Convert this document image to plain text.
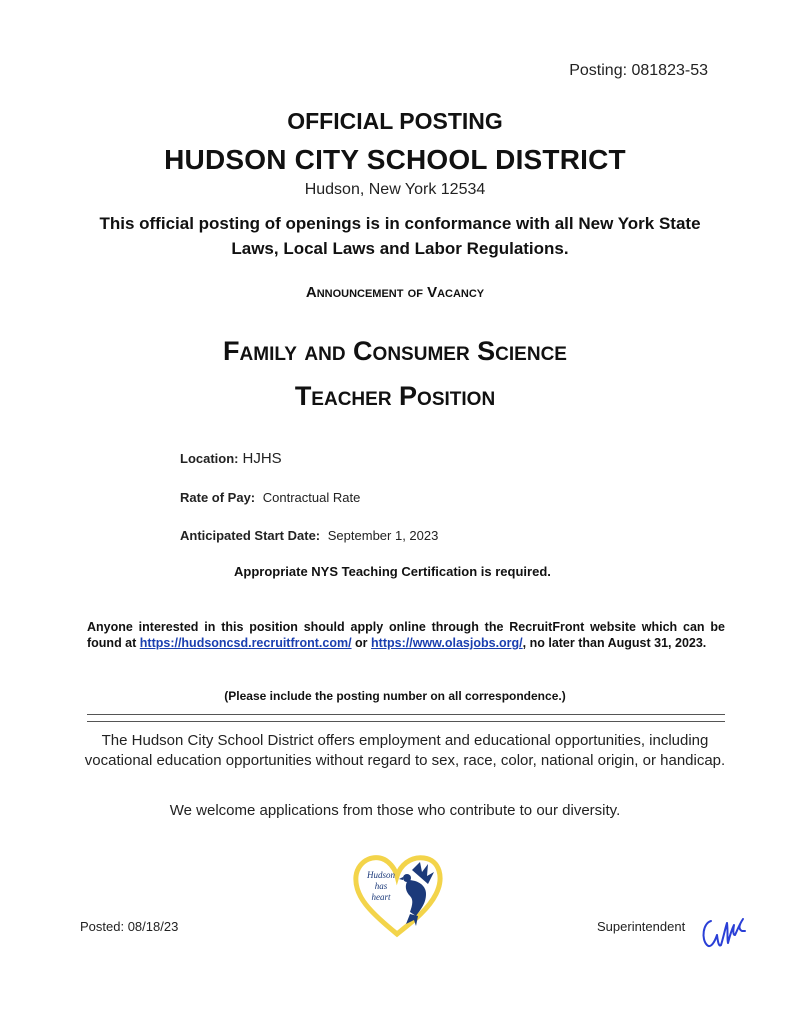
Posting: 081823-53
OFFICIAL POSTING
HUDSON CITY SCHOOL DISTRICT
Hudson, New York 12534
This official posting of openings is in conformance with all New York State Laws, Local Laws and Labor Regulations.
Announcement of Vacancy
Family and Consumer Science
Teacher Position
Location: HJHS
Rate of Pay: Contractual Rate
Anticipated Start Date: September 1, 2023
Appropriate NYS Teaching Certification is required.
Anyone interested in this position should apply online through the RecruitFront website which can be found at https://hudsoncsd.recruitfront.com/ or https://www.olasjobs.org/, no later than August 31, 2023.
(Please include the posting number on all correspondence.)
The Hudson City School District offers employment and educational opportunities, including vocational education opportunities without regard to sex, race, color, national origin, or handicap.
We welcome applications from those who contribute to our diversity.
Hudson
has
heart
Posted: 08/18/23	Superintendent
